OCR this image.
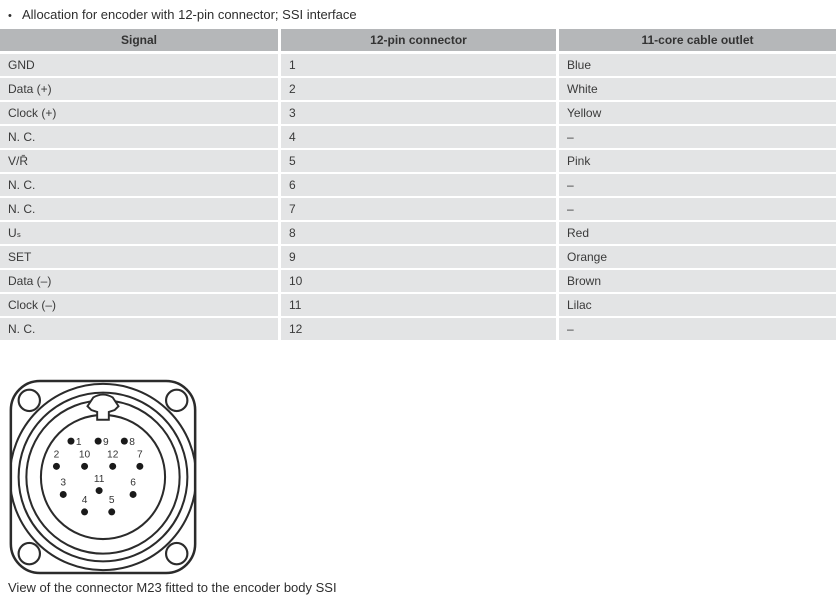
• Allocation for encoder with 12-pin connector; SSI interface
Signal	12-pin connector	11-core cable outlet
GND	1	Blue
Data (+)	2	White
Clock (+)	3	Yellow
N. C.	4	–
V/R̄	5	Pink
N. C.	6	–
N. C.	7	–
Uₛ	8	Red
SET	9	Orange
Data (–)	10	Brown
Clock (–)	11	Lilac
N. C.	12	–
1 9 8
2 10 12 7
3	11 6
4 5
View of the connector M23 fitted to the encoder body SSI
